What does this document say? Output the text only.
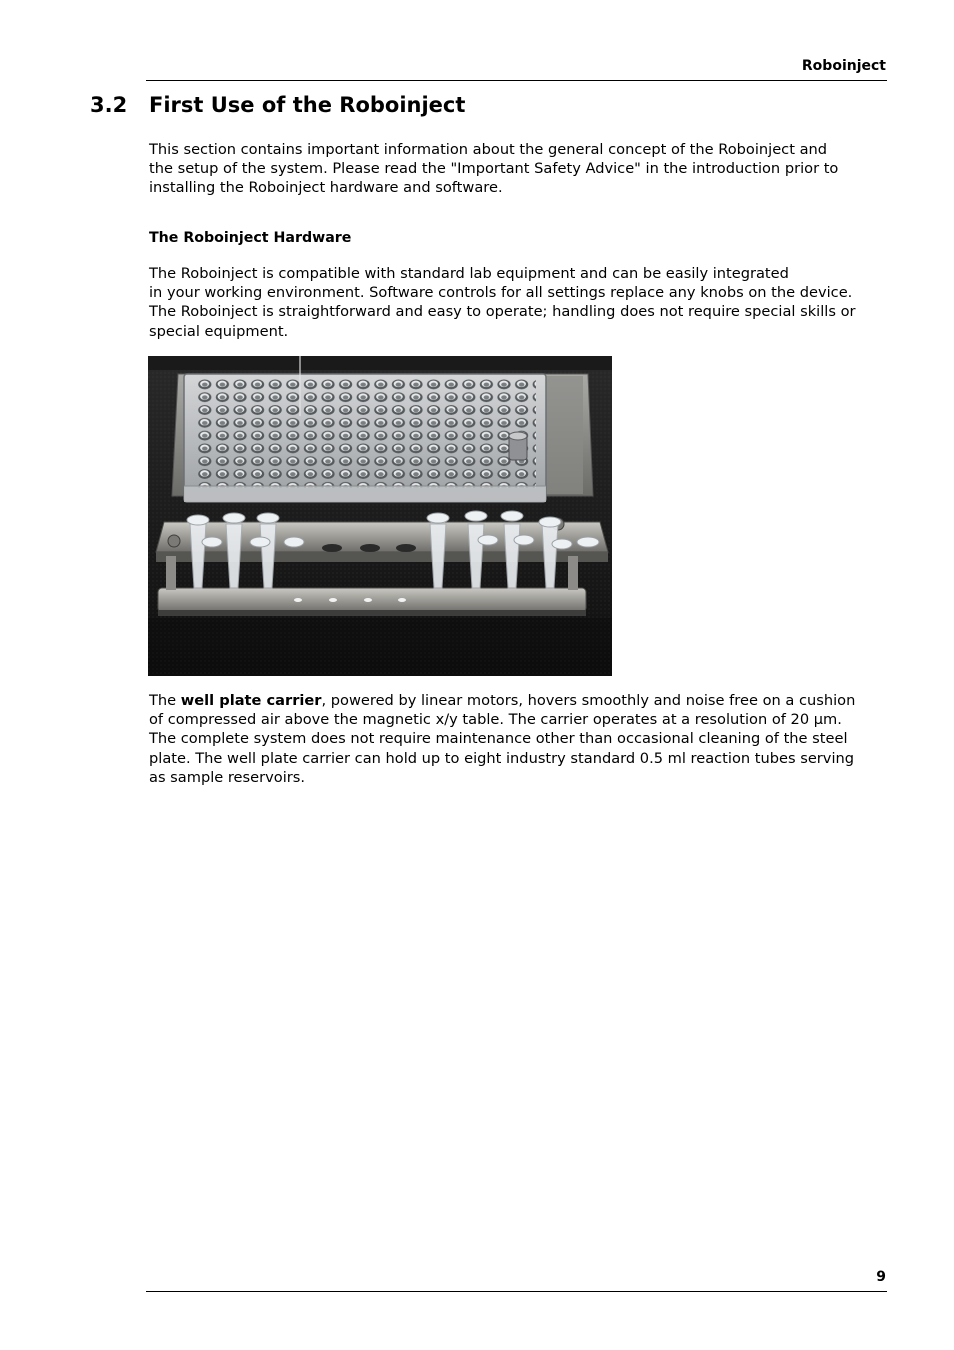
Roboinject
3.2 First Use of the Roboinject

This section contains important information about the general concept of the Roboinject and
the setup of the system. Please read the "Important Safety Advice" in the introduction prior to
installing the Roboinject hardware and software.

The Roboinject Hardware

The Roboinject is compatible with standard lab equipment and can be easily integrated
in your working environment. Software controls for all settings replace any knobs on the device.
The Roboinject is straightforward and easy to operate; handling does not require special skills or
special equipment.

The well plate carrier, powered by linear motors, hovers smoothly and noise free on a cushion
of compressed air above the magnetic x/y table. The carrier operates at a resolution of 20 µm.
The complete system does not require maintenance other than occasional cleaning of the steel
plate. The well plate carrier can hold up to eight industry standard 0.5 ml reaction tubes serving
as sample reservoirs.

9
